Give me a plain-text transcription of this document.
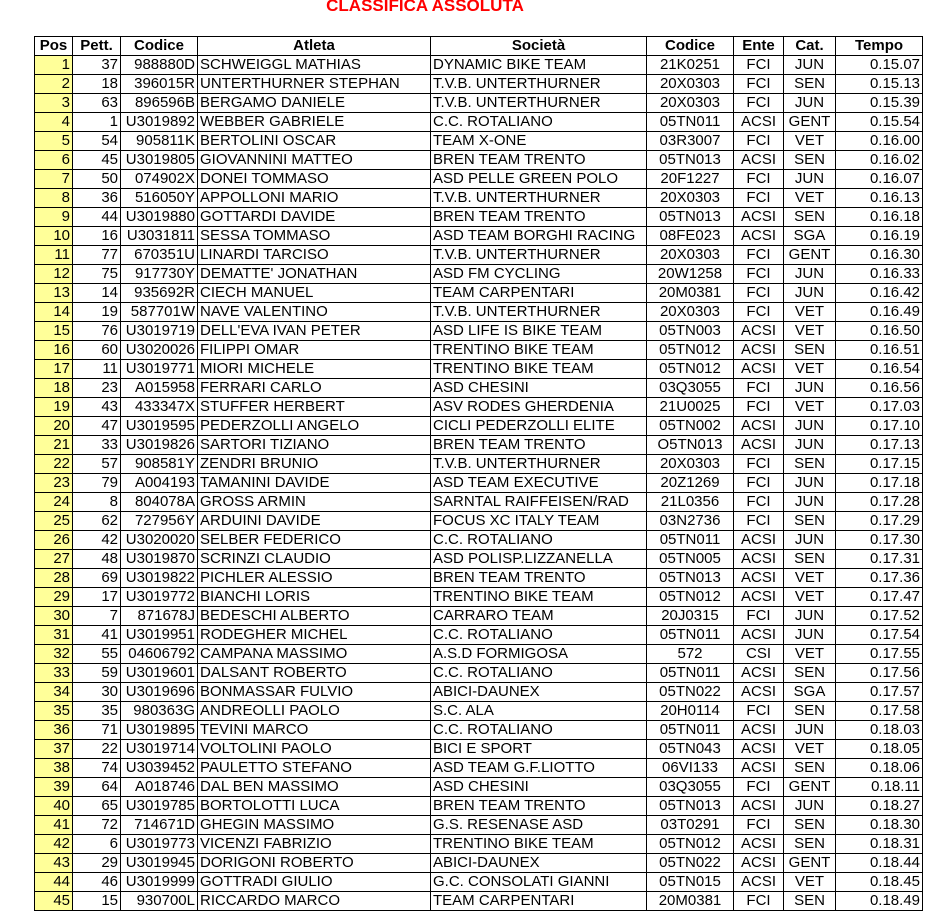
CLASSIFICA ASSOLUTA
Pos	Pett.	Codice	Atleta	Società	Codice	Ente	Cat.	Tempo
1	37	988880D	SCHWEIGGL MATHIAS	DYNAMIC BIKE TEAM	21K0251	FCI	JUN	0.15.07
2	18	396015R	UNTERTHURNER STEPHAN	T.V.B. UNTERTHURNER	20X0303	FCI	SEN	0.15.13
3	63	896596B	BERGAMO DANIELE	T.V.B. UNTERTHURNER	20X0303	FCI	JUN	0.15.39
4	1	U3019892	WEBBER GABRIELE	C.C. ROTALIANO	05TN011	ACSI	GENT	0.15.54
5	54	905811K	BERTOLINI OSCAR	TEAM X-ONE	03R3007	FCI	VET	0.16.00
6	45	U3019805	GIOVANNINI MATTEO	BREN TEAM TRENTO	05TN013	ACSI	SEN	0.16.02
7	50	074902X	DONEI TOMMASO	ASD PELLE GREEN POLO	20F1227	FCI	JUN	0.16.07
8	36	516050Y	APPOLLONI MARIO	T.V.B. UNTERTHURNER	20X0303	FCI	VET	0.16.13
9	44	U3019880	GOTTARDI DAVIDE	BREN TEAM TRENTO	05TN013	ACSI	SEN	0.16.18
10	16	U3031811	SESSA TOMMASO	ASD TEAM BORGHI RACING	08FE023	ACSI	SGA	0.16.19
11	77	670351U	LINARDI TARCISO	T.V.B. UNTERTHURNER	20X0303	FCI	GENT	0.16.30
12	75	917730Y	DEMATTE' JONATHAN	ASD FM CYCLING	20W1258	FCI	JUN	0.16.33
13	14	935692R	CIECH MANUEL	TEAM CARPENTARI	20M0381	FCI	JUN	0.16.42
14	19	587701W	NAVE VALENTINO	T.V.B. UNTERTHURNER	20X0303	FCI	VET	0.16.49
15	76	U3019719	DELL'EVA IVAN PETER	ASD LIFE IS BIKE TEAM	05TN003	ACSI	VET	0.16.50
16	60	U3020026	FILIPPI OMAR	TRENTINO BIKE TEAM	05TN012	ACSI	SEN	0.16.51
17	11	U3019771	MIORI MICHELE	TRENTINO BIKE TEAM	05TN012	ACSI	VET	0.16.54
18	23	A015958	FERRARI CARLO	ASD CHESINI	03Q3055	FCI	JUN	0.16.56
19	43	433347X	STUFFER HERBERT	ASV RODES GHERDENIA	21U0025	FCI	VET	0.17.03
20	47	U3019595	PEDERZOLLI ANGELO	CICLI PEDERZOLLI ELITE	05TN002	ACSI	JUN	0.17.10
21	33	U3019826	SARTORI TIZIANO	BREN TEAM TRENTO	O5TN013	ACSI	JUN	0.17.13
22	57	908581Y	ZENDRI BRUNIO	T.V.B. UNTERTHURNER	20X0303	FCI	SEN	0.17.15
23	79	A004193	TAMANINI DAVIDE	ASD TEAM EXECUTIVE	20Z1269	FCI	JUN	0.17.18
24	8	804078A	GROSS ARMIN	SARNTAL RAIFFEISEN/RAD	21L0356	FCI	JUN	0.17.28
25	62	727956Y	ARDUINI DAVIDE	FOCUS XC ITALY TEAM	03N2736	FCI	SEN	0.17.29
26	42	U3020020	SELBER FEDERICO	C.C. ROTALIANO	05TN011	ACSI	JUN	0.17.30
27	48	U3019870	SCRINZI CLAUDIO	ASD POLISP.LIZZANELLA	05TN005	ACSI	SEN	0.17.31
28	69	U3019822	PICHLER ALESSIO	BREN TEAM TRENTO	05TN013	ACSI	VET	0.17.36
29	17	U3019772	BIANCHI LORIS	TRENTINO BIKE TEAM	05TN012	ACSI	VET	0.17.47
30	7	871678J	BEDESCHI ALBERTO	CARRARO TEAM	20J0315	FCI	JUN	0.17.52
31	41	U3019951	RODEGHER MICHEL	C.C. ROTALIANO	05TN011	ACSI	JUN	0.17.54
32	55	04606792	CAMPANA MASSIMO	A.S.D FORMIGOSA	572	CSI	VET	0.17.55
33	59	U3019601	DALSANT ROBERTO	C.C. ROTALIANO	05TN011	ACSI	SEN	0.17.56
34	30	U3019696	BONMASSAR FULVIO	ABICI-DAUNEX	05TN022	ACSI	SGA	0.17.57
35	35	980363G	ANDREOLLI PAOLO	S.C. ALA	20H0114	FCI	SEN	0.17.58
36	71	U3019895	TEVINI MARCO	C.C. ROTALIANO	05TN011	ACSI	JUN	0.18.03
37	22	U3019714	VOLTOLINI PAOLO	BICI E SPORT	05TN043	ACSI	VET	0.18.05
38	74	U3039452	PAULETTO STEFANO	ASD TEAM G.F.LIOTTO	06VI133	ACSI	SEN	0.18.06
39	64	A018746	DAL BEN MASSIMO	ASD CHESINI	03Q3055	FCI	GENT	0.18.11
40	65	U3019785	BORTOLOTTI LUCA	BREN TEAM TRENTO	05TN013	ACSI	JUN	0.18.27
41	72	714671D	GHEGIN MASSIMO	G.S. RESENASE ASD	03T0291	FCI	SEN	0.18.30
42	6	U3019773	VICENZI FABRIZIO	TRENTINO BIKE TEAM	05TN012	ACSI	SEN	0.18.31
43	29	U3019945	DORIGONI ROBERTO	ABICI-DAUNEX	05TN022	ACSI	GENT	0.18.44
44	46	U3019999	GOTTRADI GIULIO	G.C. CONSOLATI GIANNI	05TN015	ACSI	VET	0.18.45
45	15	930700L	RICCARDO MARCO	TEAM CARPENTARI	20M0381	FCI	SEN	0.18.49
